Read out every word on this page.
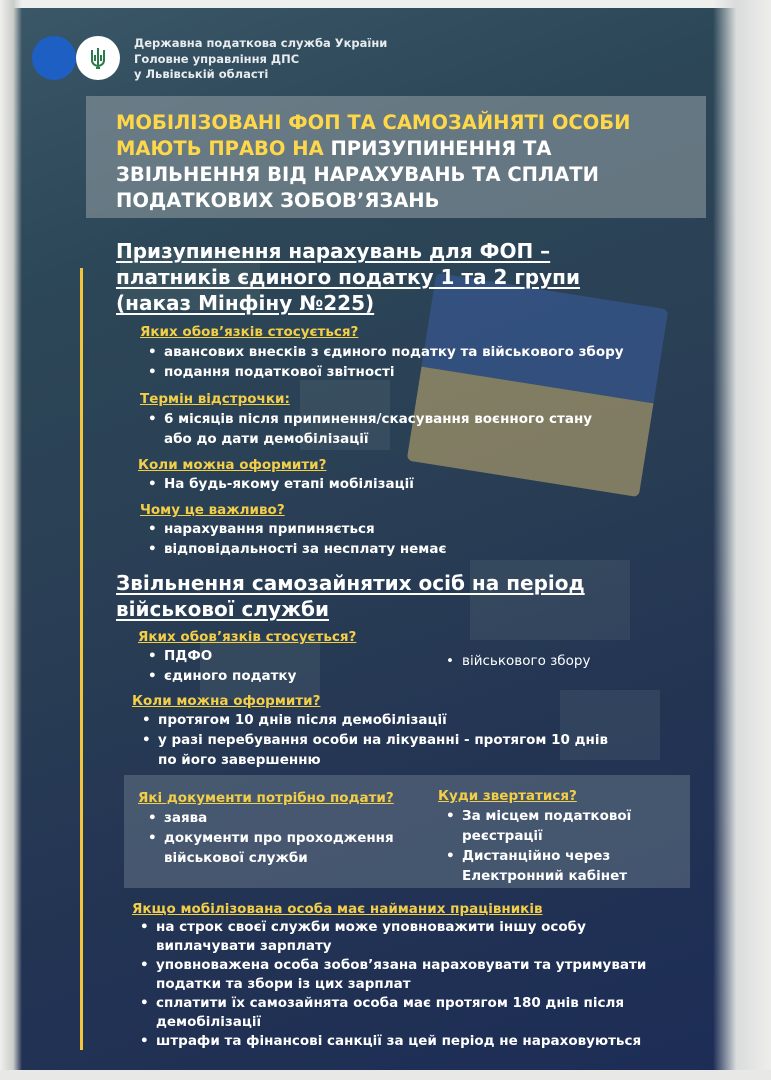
Державна податкова служба України
Головне управління ДПС
у Львівській області
МОБІЛІЗОВАНІ ФОП ТА САМОЗАЙНЯТІ ОСОБИ
МАЮТЬ ПРАВО НА ПРИЗУПИНЕННЯ ТА
ЗВІЛЬНЕННЯ ВІД НАРАХУВАНЬ ТА СПЛАТИ
ПОДАТКОВИХ ЗОБОВ’ЯЗАНЬ
Призупинення нарахувань для ФОП –
платників єдиного податку 1 та 2 групи
(наказ Мінфіну №225)
Яких обов’язків стосується?
• авансових внесків з єдиного податку та військового збору
• подання податкової звітності
Термін відстрочки:
• 6 місяців після припинення/скасування воєнного стану
або до дати демобілізації
Коли можна оформити?
• На будь-якому етапі мобілізації
Чому це важливо?
• нарахування припиняється
• відповідальності за несплату немає
Звільнення самозайнятих осіб на період
військової служби
Яких обов’язків стосується?
• ПДФО
• єдиного податку
• військового збору
Коли можна оформити?
• протягом 10 днів після демобілізації
• у разі перебування особи на лікуванні - протягом 10 днів
по його завершенню
Які документи потрібно подати?
• заява
• документи про проходження
військової служби
Куди звертатися?
• За місцем податкової
реєстрації
• Дистанційно через
Електронний кабінет
Якщо мобілізована особа має найманих працівників
• на строк своєї служби може уповноважити іншу особу
виплачувати зарплату
• уповноважена особа зобов’язана нараховувати та утримувати
податки та збори із цих зарплат
• сплатити їх самозайнята особа має протягом 180 днів після
демобілізації
• штрафи та фінансові санкції за цей період не нараховуються
